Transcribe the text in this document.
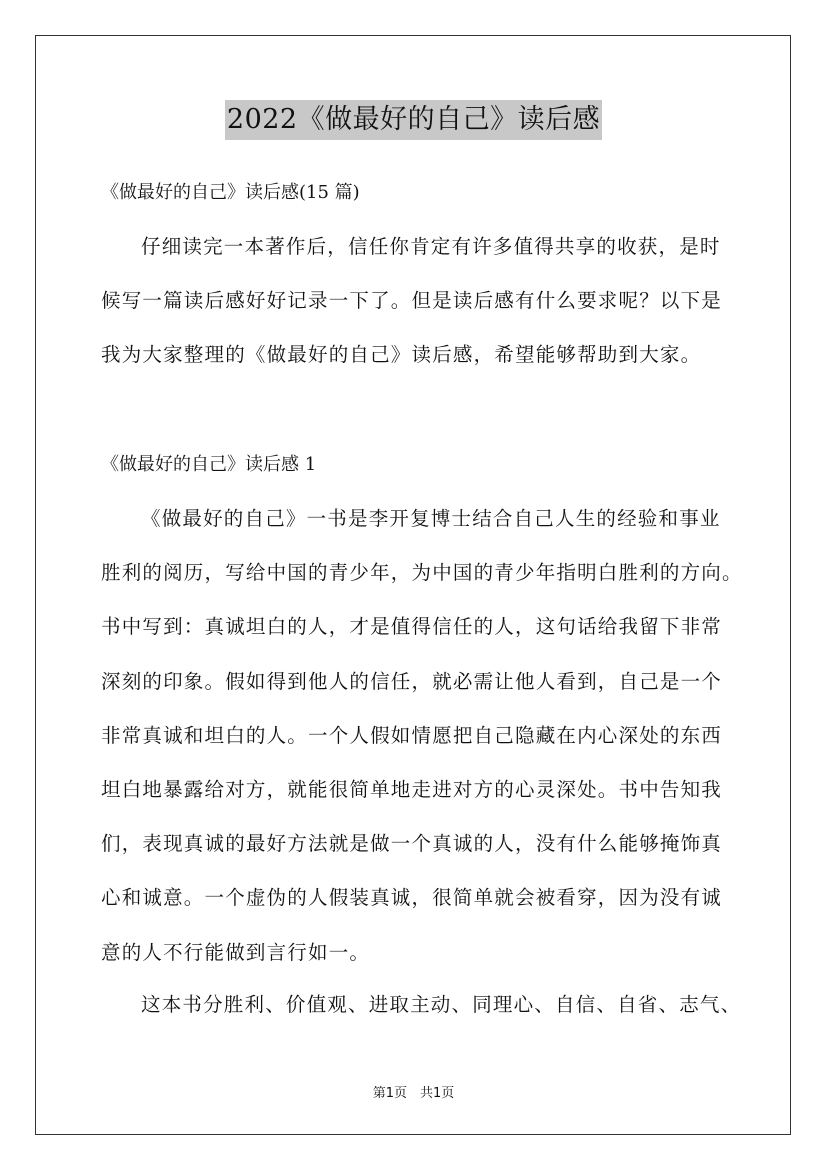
2022《做最好的自己》读后感
《做最好的自己》读后感(15 篇)
仔细读完一本著作后，信任你肯定有许多值得共享的收获，是时
候写一篇读后感好好记录一下了。但是读后感有什么要求呢？以下是
我为大家整理的《做最好的自己》读后感，希望能够帮助到大家。
《做最好的自己》读后感 1
《做最好的自己》一书是李开复博士结合自己人生的经验和事业
胜利的阅历，写给中国的青少年，为中国的青少年指明白胜利的方向。
书中写到：真诚坦白的人，才是值得信任的人，这句话给我留下非常
深刻的印象。假如得到他人的信任，就必需让他人看到，自己是一个
非常真诚和坦白的人。一个人假如情愿把自己隐藏在内心深处的东西
坦白地暴露给对方，就能很简单地走进对方的心灵深处。书中告知我
们，表现真诚的最好方法就是做一个真诚的人，没有什么能够掩饰真
心和诚意。一个虚伪的人假装真诚，很简单就会被看穿，因为没有诚
意的人不行能做到言行如一。
这本书分胜利、价值观、进取主动、同理心、自信、自省、志气、
第1页　共1页
